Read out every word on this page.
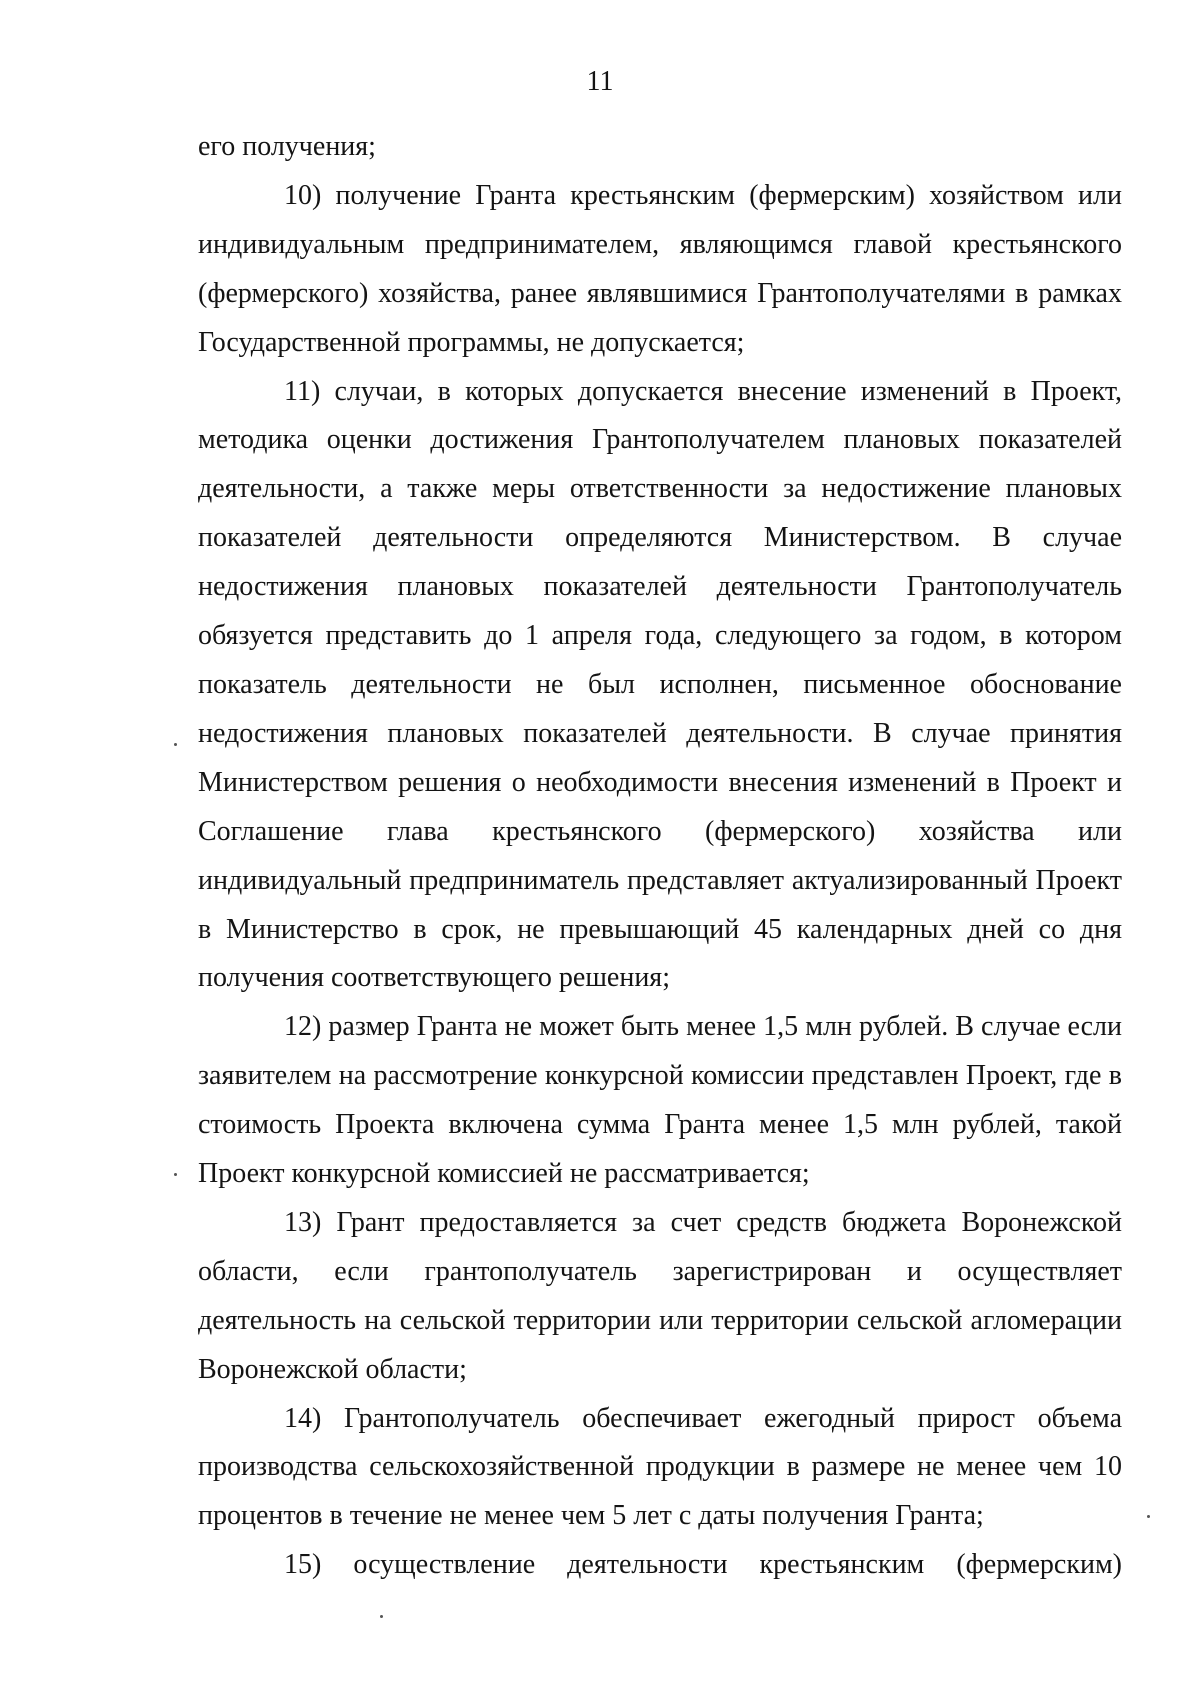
11

его получения;

10) получение Гранта крестьянским (фермерским) хозяйством или индивидуальным предпринимателем, являющимся главой крестьянского (фермерского) хозяйства, ранее являвшимися Грантополучателями в рамках Государственной программы, не допускается;

11) случаи, в которых допускается внесение изменений в Проект, методика оценки достижения Грантополучателем плановых показателей деятельности, а также меры ответственности за недостижение плановых показателей деятельности определяются Министерством. В случае недостижения плановых показателей деятельности Грантополучатель обязуется представить до 1 апреля года, следующего за годом, в котором показатель деятельности не был исполнен, письменное обоснование недостижения плановых показателей деятельности. В случае принятия Министерством решения о необходимости внесения изменений в Проект и Соглашение глава крестьянского (фермерского) хозяйства или индивидуальный предприниматель представляет актуализированный Проект в Министерство в срок, не превышающий 45 календарных дней со дня получения соответствующего решения;

12) размер Гранта не может быть менее 1,5 млн рублей. В случае если заявителем на рассмотрение конкурсной комиссии представлен Проект, где в стоимость Проекта включена сумма Гранта менее 1,5 млн рублей, такой Проект конкурсной комиссией не рассматривается;

13) Грант предоставляется за счет средств бюджета Воронежской области, если грантополучатель зарегистрирован и осуществляет деятельность на сельской территории или территории сельской агломерации Воронежской области;

14) Грантополучатель обеспечивает ежегодный прирост объема производства сельскохозяйственной продукции в размере не менее чем 10 процентов в течение не менее чем 5 лет с даты получения Гранта;

15) осуществление деятельности крестьянским (фермерским)
